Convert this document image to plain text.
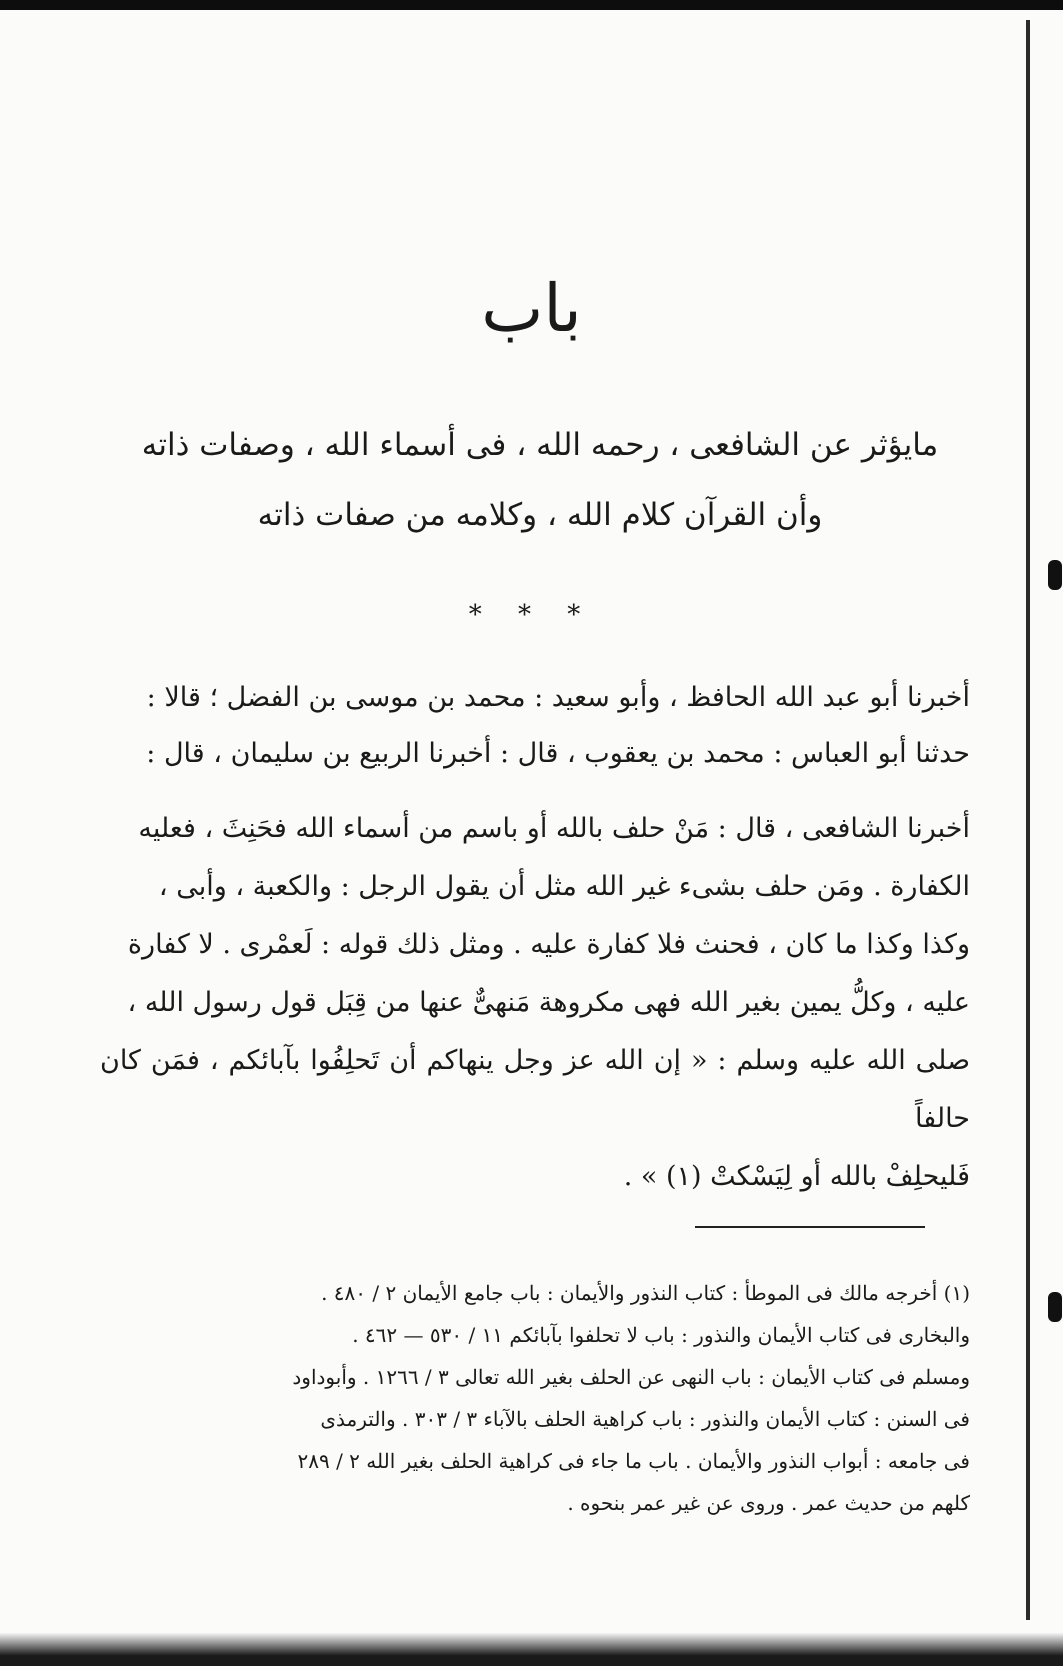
باب

مايؤثر عن الشافعى ، رحمه الله ، فى أسماء الله ، وصفات ذاته

وأن القرآن كلام الله ، وكلامه من صفات ذاته

* * *

أخبرنا أبو عبد الله الحافظ ، وأبو سعيد : محمد بن موسى بن الفضل ؛ قالا :

حدثنا أبو العباس : محمد بن يعقوب ، قال : أخبرنا الربيع بن سليمان ، قال :

أخبرنا الشافعى ، قال : مَنْ حلف بالله أو باسم من أسماء الله فحَنِثَ ، فعليه

الكفارة . ومَن حلف بشىء غير الله مثل أن يقول الرجل : والكعبة ، وأبى ،

وكذا وكذا ما كان ، فحنث فلا كفارة عليه . ومثل ذلك قوله : لَعمْرى . لا كفارة

عليه ، وكلُّ يمين بغير الله فهى مكروهة مَنهىٌّ عنها من قِبَل قول رسول الله ،

صلى الله عليه وسلم : « إن الله عز وجل ينهاكم أن تَحلِفُوا بآبائكم ، فمَن كان حالفاً

فَليحلِفْ بالله أو لِيَسْكتْ (١) » .

(١) أخرجه مالك فى الموطأ : كتاب النذور والأيمان : باب جامع الأيمان ٢ / ٤٨٠ .

والبخارى فى كتاب الأيمان والنذور : باب لا تحلفوا بآبائكم ١١ / ٥٣٠ — ٤٦٢ .

ومسلم فى كتاب الأيمان : باب النهى عن الحلف بغير الله تعالى ٣ / ١٢٦٦ . وأبوداود

فى السنن : كتاب الأيمان والنذور : باب كراهية الحلف بالآباء ٣ / ٣٠٣ . والترمذى

فى جامعه : أبواب النذور والأيمان . باب ما جاء فى كراهية الحلف بغير الله ٢ / ٢٨٩

كلهم من حديث عمر . وروى عن غير عمر بنحوه .
